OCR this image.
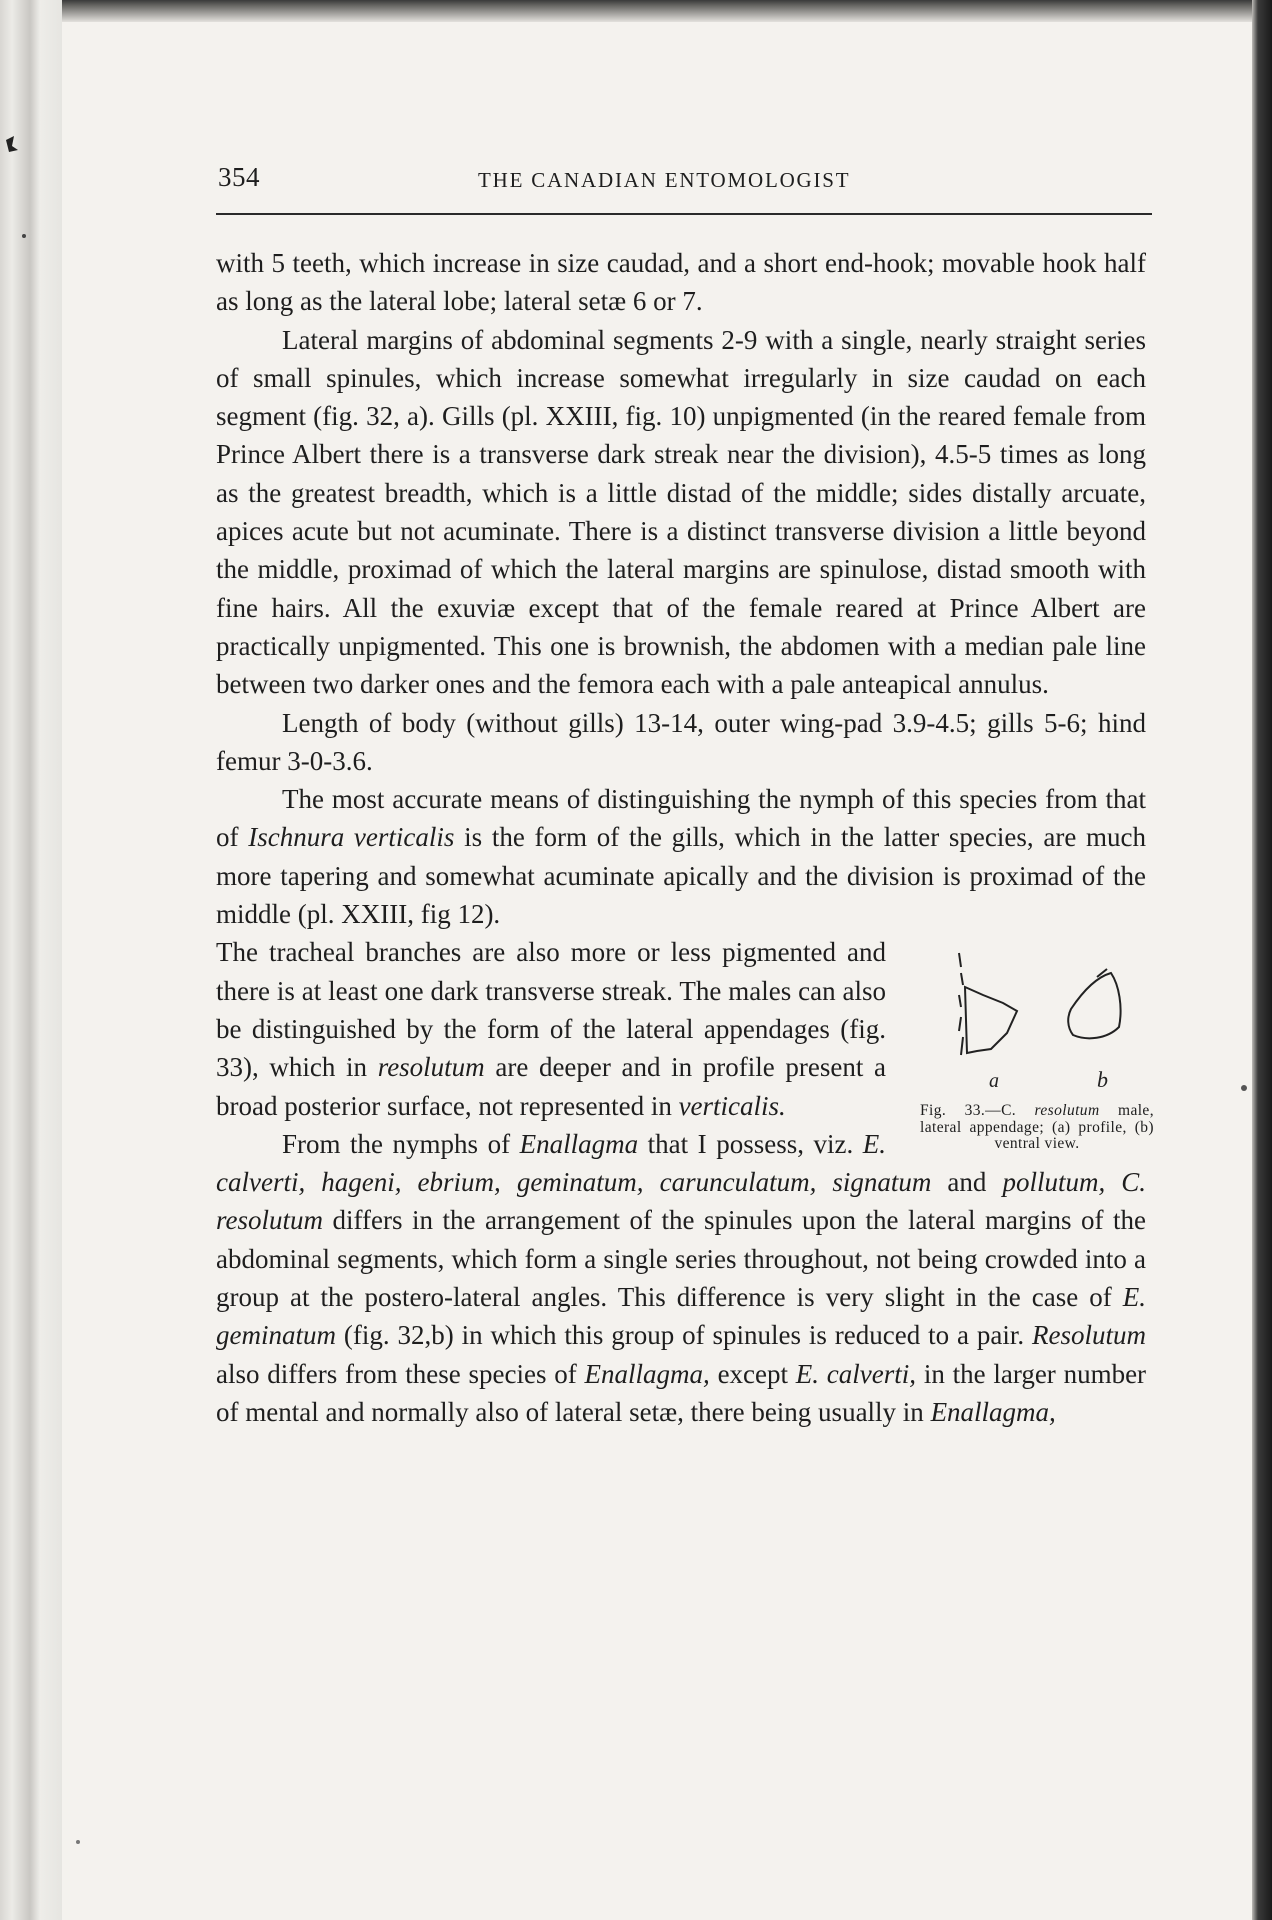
354	THE CANADIAN ENTOMOLOGIST

with 5 teeth, which increase in size caudad, and a short end-hook; movable hook half as long as the lateral lobe; lateral setæ 6 or 7.

Lateral margins of abdominal segments 2-9 with a single, nearly straight series of small spinules, which increase somewhat irregularly in size caudad on each segment (fig. 32, a). Gills (pl. XXIII, fig. 10) unpigmented (in the reared female from Prince Albert there is a transverse dark streak near the division), 4.5-5 times as long as the greatest breadth, which is a little distad of the middle; sides distally arcuate, apices acute but not acuminate. There is a distinct transverse division a little beyond the middle, proximad of which the lateral margins are spinulose, distad smooth with fine hairs. All the exuviæ except that of the female reared at Prince Albert are practically unpigmented. This one is brownish, the abdomen with a median pale line between two darker ones and the femora each with a pale anteapical annulus.

Length of body (without gills) 13-14, outer wing-pad 3.9-4.5; gills 5-6; hind femur 3-0-3.6.

The most accurate means of distinguishing the nymph of this species from that of Ischnura verticalis is the form of the gills, which in the latter species, are much more tapering and somewhat acuminate apically and the division is proximad of the middle (pl. XXIII, fig 12).

a	b
Fig. 33.—C. resolutum male, lateral appendage; (a) profile, (b) ventral view.

The tracheal branches are also more or less pigmented and there is at least one dark transverse streak. The males can also be distinguished by the form of the lateral appendages (fig. 33), which in resolutum are deeper and in profile present a broad posterior surface, not represented in verticalis.

From the nymphs of Enallagma that I possess, viz. E. calverti, hageni, ebrium, geminatum, carunculatum, signatum and pollutum, C. resolutum differs in the arrangement of the spinules upon the lateral margins of the abdominal segments, which form a single series throughout, not being crowded into a group at the postero-lateral angles. This difference is very slight in the case of E. geminatum (fig. 32,b) in which this group of spinules is reduced to a pair. Resolutum also differs from these species of Enallagma, except E. calverti, in the larger number of mental and normally also of lateral setæ, there being usually in Enallagma,
